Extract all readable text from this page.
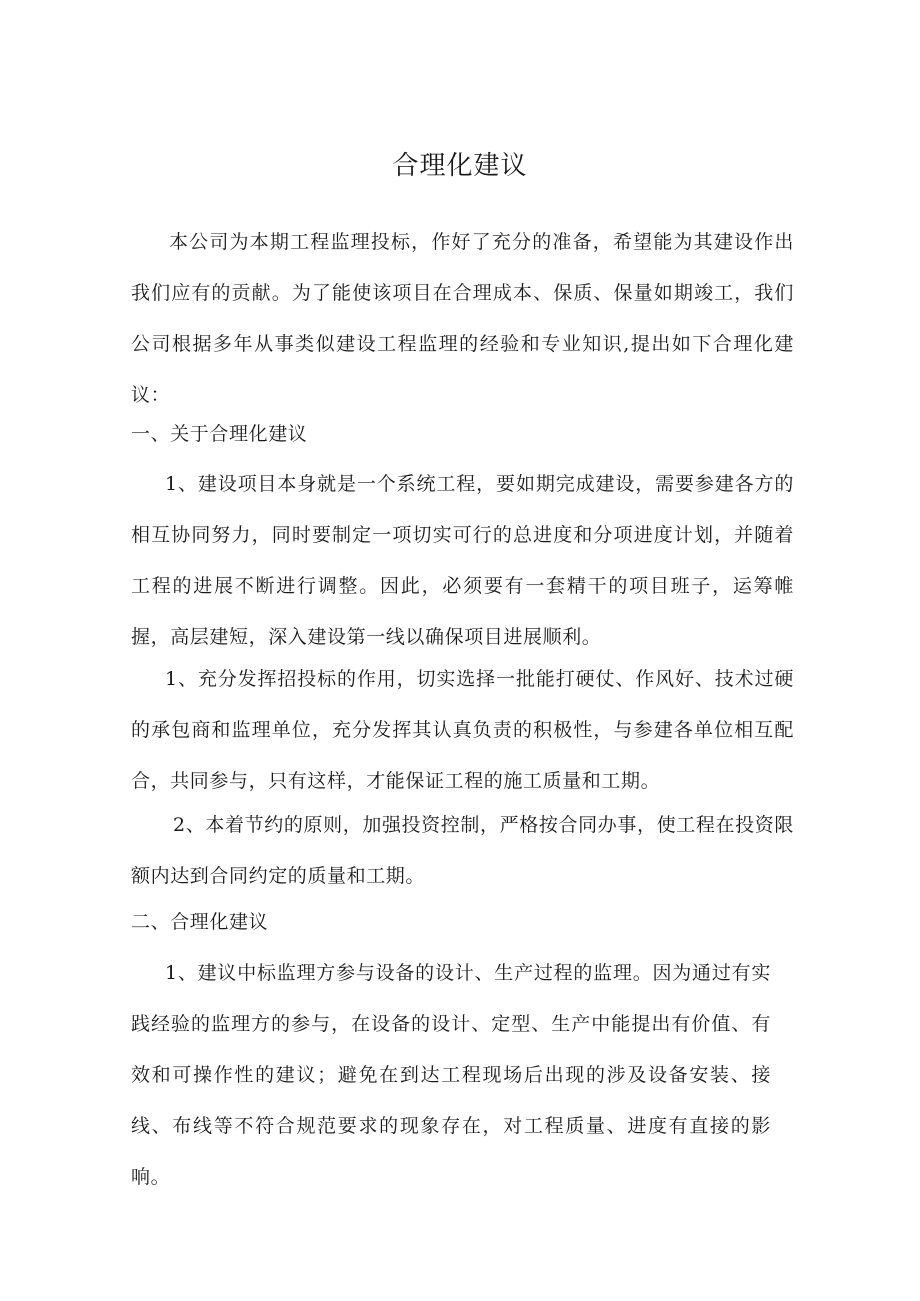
合理化建议

本公司为本期工程监理投标，作好了充分的准备，希望能为其建设作出我们应有的贡献。为了能使该项目在合理成本、保质、保量如期竣工，我们公司根据多年从事类似建设工程监理的经验和专业知识,提出如下合理化建议：

一、关于合理化建议

1、建设项目本身就是一个系统工程，要如期完成建设，需要参建各方的相互协同努力，同时要制定一项切实可行的总进度和分项进度计划，并随着工程的进展不断进行调整。因此，必须要有一套精干的项目班子，运筹帷握，高层建短，深入建设第一线以确保项目进展顺利。

1、充分发挥招投标的作用，切实选择一批能打硬仗、作风好、技术过硬的承包商和监理单位，充分发挥其认真负责的积极性，与参建各单位相互配合，共同参与，只有这样，才能保证工程的施工质量和工期。

2、本着节约的原则，加强投资控制，严格按合同办事，使工程在投资限额内达到合同约定的质量和工期。

二、合理化建议

1、建议中标监理方参与设备的设计、生产过程的监理。因为通过有实践经验的监理方的参与，在设备的设计、定型、生产中能提出有价值、有效和可操作性的建议；避免在到达工程现场后出现的涉及设备安装、接线、布线等不符合规范要求的现象存在，对工程质量、进度有直接的影响。
